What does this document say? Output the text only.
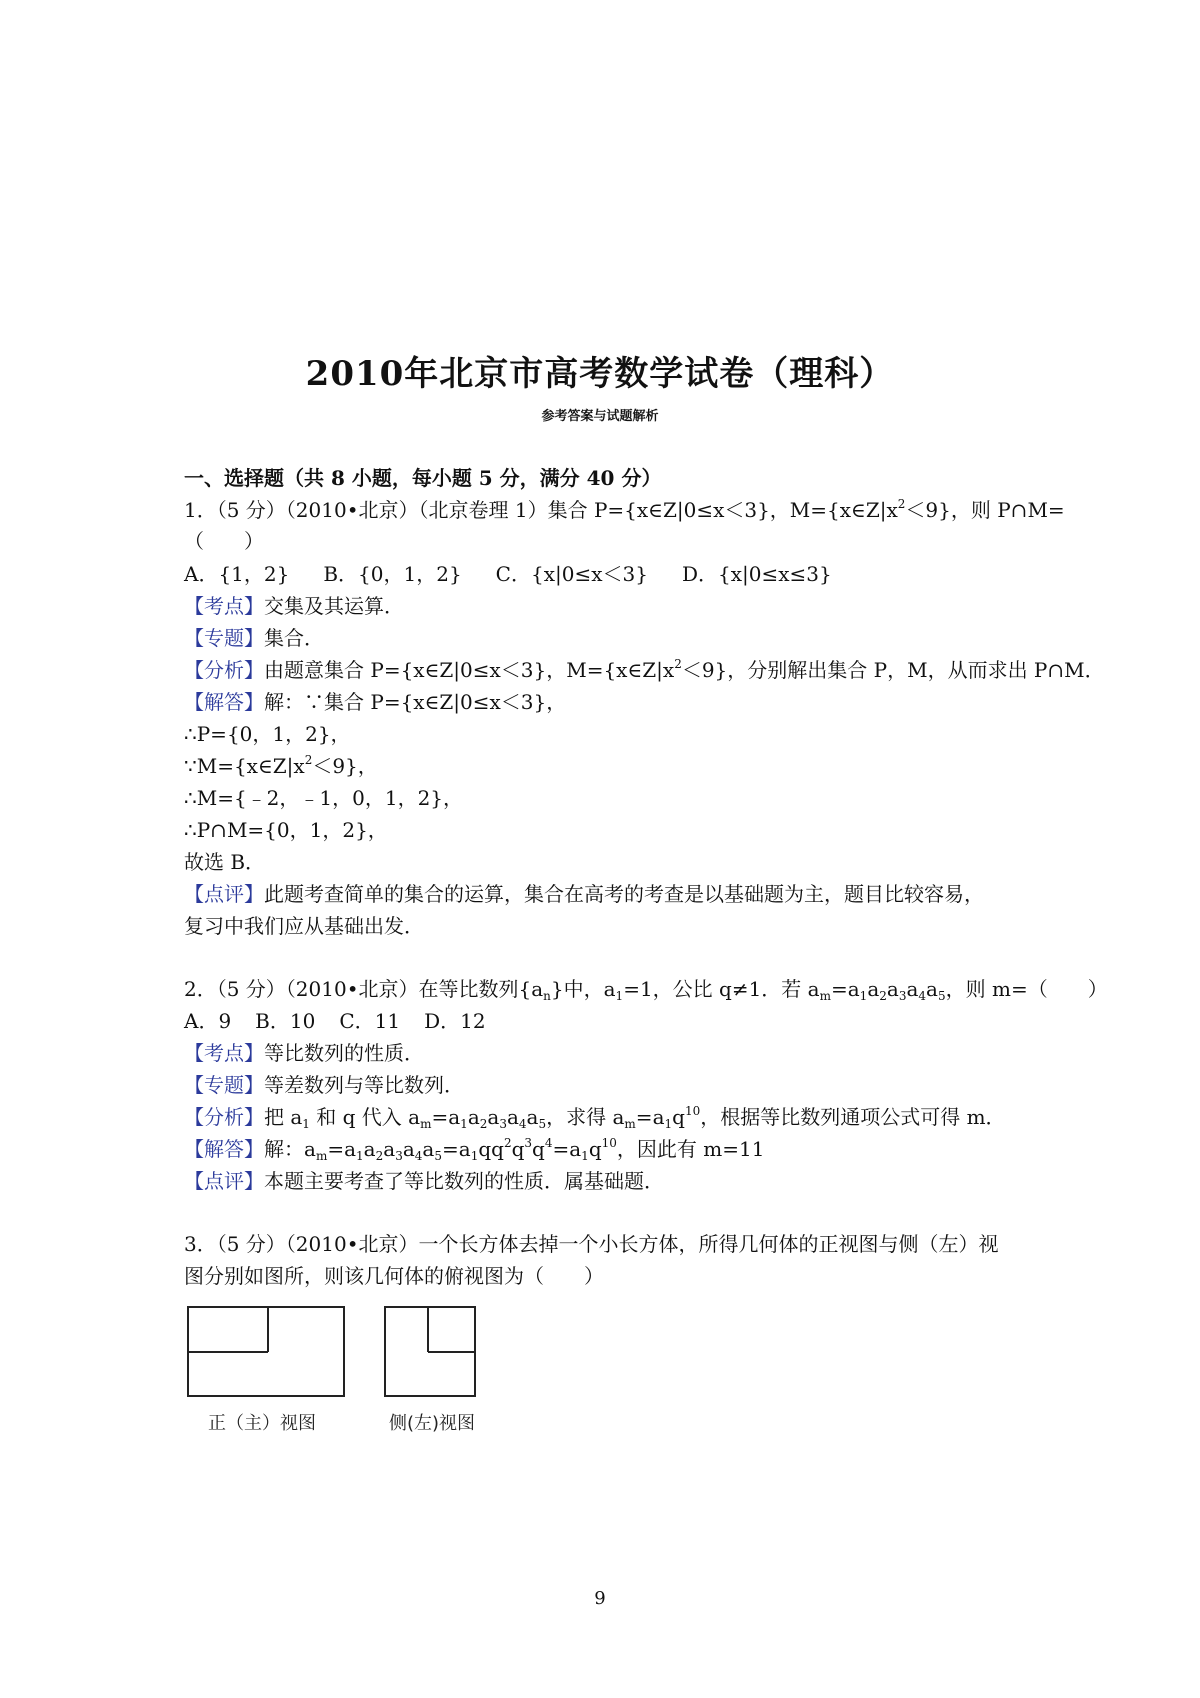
2010年北京市高考数学试卷（理科）
参考答案与试题解析
一、选择题（共 8 小题，每小题 5 分，满分 40 分）
1．（5 分）（2010•北京）（北京卷理 1）集合 P={x∈Z|0≤x＜3}，$M=\{x\in Z|x^2<9\}$，则 P∩M=
（　　）
A．{1，2} B．{0，1，2} C．{x|0≤x＜3} D．{x|0≤x≤3}
【考点】交集及其运算．
【专题】集合．
【分析】由题意集合 P={x∈Z|0≤x＜3}，$M=\{x\in Z|x^2<9\}$，分别解出集合 P，M，从而求出 P∩M．
【解答】解：∵集合 P={x∈Z|0≤x＜3}，
∴P={0，1，2}，
$\because M=\{x\in Z|x^2<9\}$，
∴M={﹣2，﹣1，0，1，2}，
∴P∩M={0，1，2}，
故选 B．
【点评】此题考查简单的集合的运算，集合在高考的考查是以基础题为主，题目比较容易，
复习中我们应从基础出发．
2．（5 分）（2010•北京）在等比数列$\{a_n\}$中，$a_1=1$，公比 q≠1．若 $a_m=a_1a_2a_3a_4a_5$，则 m=（　　）
A．9 B．10 C．11 D．12
【考点】等比数列的性质．
【专题】等差数列与等比数列．
【分析】把 $a_1$ 和 q 代入 $a_m=a_1a_2a_3a_4a_5$，求得 $a_m=a_1q^{10}$，根据等比数列通项公式可得 m．
【解答】解：$a_m=a_1a_2a_3a_4a_5=a_1qq^2q^3q^4=a_1q^{10}$，因此有 m=11
【点评】本题主要考查了等比数列的性质．属基础题．
3．（5 分）（2010•北京）一个长方体去掉一个小长方体，所得几何体的正视图与侧（左）视
图分别如图所，则该几何体的俯视图为（　　）
正（主）视图	侧(左)视图
9
